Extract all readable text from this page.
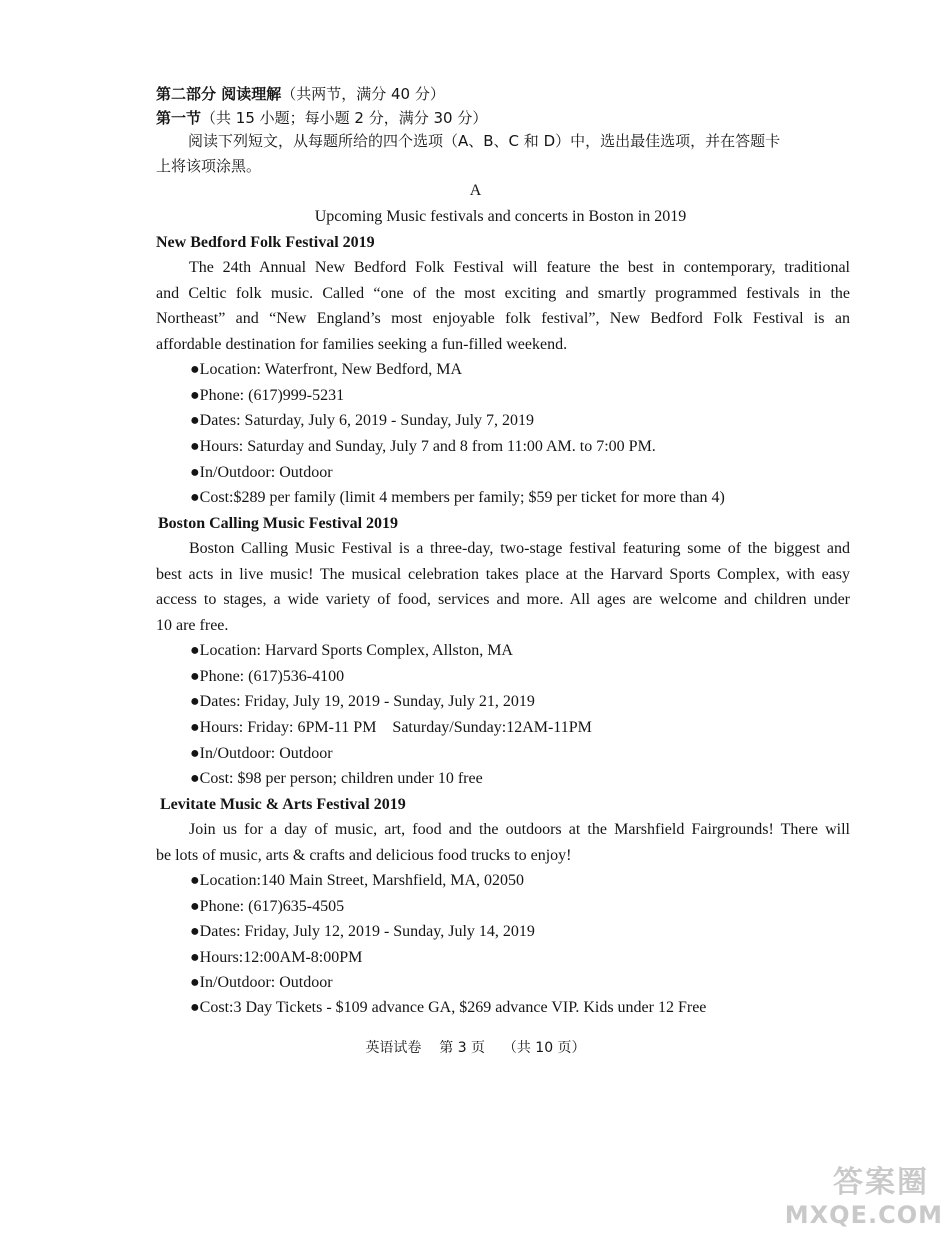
第二部分 阅读理解（共两节，满分 40 分）
第一节（共 15 小题；每小题 2 分，满分 30 分）
阅读下列短文，从每题所给的四个选项（A、B、C 和 D）中，选出最佳选项，并在答题卡
上将该项涂黑。
A
Upcoming Music festivals and concerts in Boston in 2019
New Bedford Folk Festival 2019
The 24th Annual New Bedford Folk Festival will feature the best in contemporary, traditional
and Celtic folk music. Called “one of the most exciting and smartly programmed festivals in the
Northeast” and “New England’s most enjoyable folk festival”, New Bedford Folk Festival is an
affordable destination for families seeking a fun-filled weekend.
●Location: Waterfront, New Bedford, MA
●Phone: (617)999-5231
●Dates: Saturday, July 6, 2019 - Sunday, July 7, 2019
●Hours: Saturday and Sunday, July 7 and 8 from 11:00 AM. to 7:00 PM.
●In/Outdoor: Outdoor
●Cost:$289 per family (limit 4 members per family; $59 per ticket for more than 4)
Boston Calling Music Festival 2019
Boston Calling Music Festival is a three-day, two-stage festival featuring some of the biggest and
best acts in live music! The musical celebration takes place at the Harvard Sports Complex, with easy
access to stages, a wide variety of food, services and more. All ages are welcome and children under
10 are free.
●Location: Harvard Sports Complex, Allston, MA
●Phone: (617)536-4100
●Dates: Friday, July 19, 2019 - Sunday, July 21, 2019
●Hours: Friday: 6PM-11 PM    Saturday/Sunday:12AM-11PM
●In/Outdoor: Outdoor
●Cost: $98 per person; children under 10 free
Levitate Music & Arts Festival 2019
Join us for a day of music, art, food and the outdoors at the Marshfield Fairgrounds! There will
be lots of music, arts & crafts and delicious food trucks to enjoy!
●Location:140 Main Street, Marshfield, MA, 02050
●Phone: (617)635-4505
●Dates: Friday, July 12, 2019 - Sunday, July 14, 2019
●Hours:12:00AM-8:00PM
●In/Outdoor: Outdoor
●Cost:3 Day Tickets - $109 advance GA, $269 advance VIP. Kids under 12 Free
英语试卷    第 3 页    （共 10 页）
答案圈
MXQE.COM
